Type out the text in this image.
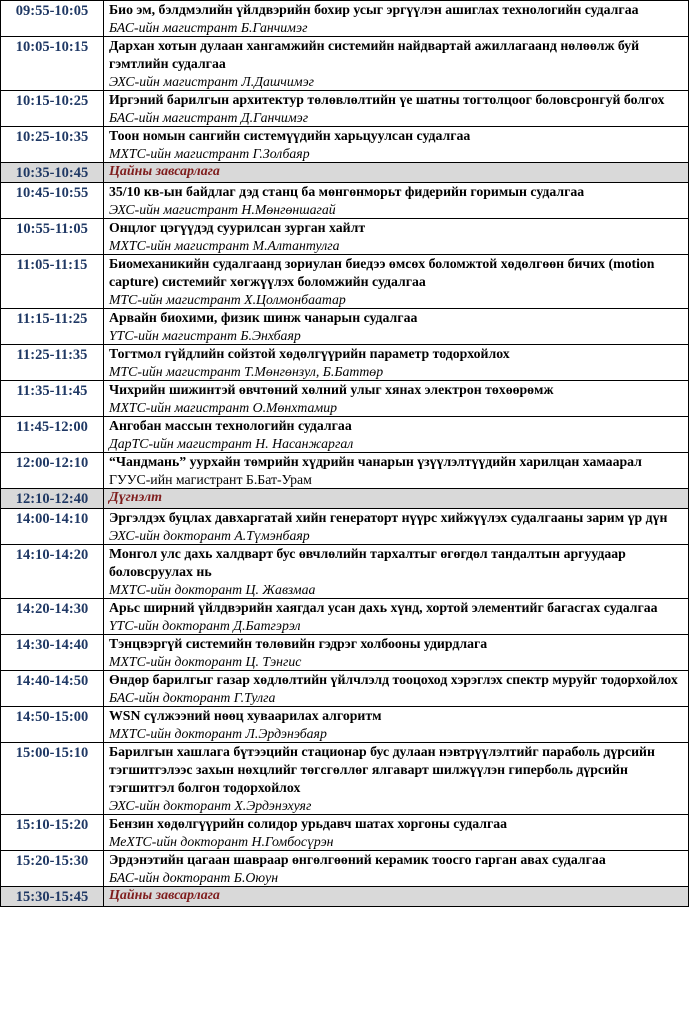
09:55-10:05	Био эм, бэлдмэлийн үйлдвэрийн бохир усыг эргүүлэн ашиглах технологийн судалгаа
БАС-ийн магистрант Б.Ганчимэг

10:05-10:15	Дархан хотын дулаан хангамжийн системийн найдвартай ажиллагаанд нөлөөлж буй гэмтлийн судалгаа
ЭХС-ийн магистрант Л.Дашчимэг

10:15-10:25	Иргэний барилгын архитектур төлөвлөлтийн үе шатны тогтолцоог боловсронгуй болгох
БАС-ийн магистрант Д.Ганчимэг

10:25-10:35	Тоон номын сангийн системүүдийн харьцуулсан судалгаа
МХТС-ийн магистрант Г.Золбаяр

10:35-10:45	Цайны завсарлага

10:45-10:55	35/10 кв-ын байдлаг дэд станц ба мөнгөнморьт фидерийн горимын судалгаа
ЭХС-ийн магистрант Н.Мөнгөншагай

10:55-11:05	Онцлог цэгүүдэд суурилсан зурган хайлт
МХТС-ийн магистрант М.Алтантулга

11:05-11:15	Биомеханикийн судалгаанд зориулан биедээ өмсөх боломжтой хөдөлгөөн бичих (motion capture) системийг хөгжүүлэх боломжийн судалгаа
МТС-ийн магистрант Х.Цолмонбаатар

11:15-11:25	Арвайн биохими, физик шинж чанарын судалгаа
ҮТС-ийн магистрант Б.Энхбаяр

11:25-11:35	Тогтмол гүйдлийн сойзтой хөдөлгүүрийн параметр тодорхойлох
МТС-ийн магистрант Т.Мөнгөнзул, Б.Баттөр

11:35-11:45	Чихрийн шижинтэй өвчтөний хөлний улыг хянах электрон төхөөрөмж
МХТС-ийн магистрант О.Мөнхтамир

11:45-12:00	Ангобан массын технологийн судалгаа
ДарТС-ийн магистрант Н. Насанжаргал

12:00-12:10	“Чандмань” уурхайн төмрийн хүдрийн чанарын үзүүлэлтүүдийн харилцан хамаарал
ГУУС-ийн магистрант Б.Бат-Урам

12:10-12:40	Дүгнэлт

14:00-14:10	Эргэлдэх буцлах давхаргатай хийн генераторт нүүрс хийжүүлэх судалгааны зарим үр дүн
ЭХС-ийн докторант А.Түмэнбаяр

14:10-14:20	Монгол улс дахь халдварт бус өвчлөлийн тархалтыг өгөгдөл тандалтын аргуудаар боловсруулах нь
МХТС-ийн докторант Ц. Жавзмаа

14:20-14:30	Арьс ширний үйлдвэрийн хаягдал усан дахь хүнд, хортой элементийг багасгах судалгаа
ҮТС-ийн докторант Д.Батгэрэл

14:30-14:40	Тэнцвэргүй системийн төлөвийн гэдрэг холбооны удирдлага
МХТС-ийн докторант Ц. Тэнгис

14:40-14:50	Өндөр барилгыг газар хөдлөлтийн үйлчлэлд тооцоход хэрэглэх спектр муруйг тодорхойлох
БАС-ийн докторант Г.Тулга

14:50-15:00	WSN сүлжээний нөөц хуваарилах алгоритм
МХТС-ийн докторант Л.Эрдэнэбаяр

15:00-15:10	Барилгын хашлага бүтээцийн стационар бус дулаан нэвтрүүлэлтийг параболь дүрсийн тэгшитгэлээс захын нөхцлийг төгсгөллөг ялгаварт шилжүүлэн гиперболь дүрсийн тэгшитгэл болгон тодорхойлох
ЭХС-ийн докторант Х.Эрдэнэхуяг

15:10-15:20	Бензин хөдөлгүүрийн солидор урьдавч шатах хоргоны судалгаа
МеХТС-ийн докторант Н.Гомбосүрэн

15:20-15:30	Эрдэнэтийн цагаан шавраар өнгөлгөөний керамик тоосго гарган авах судалгаа
БАС-ийн докторант Б.Оюун

15:30-15:45	Цайны завсарлага
